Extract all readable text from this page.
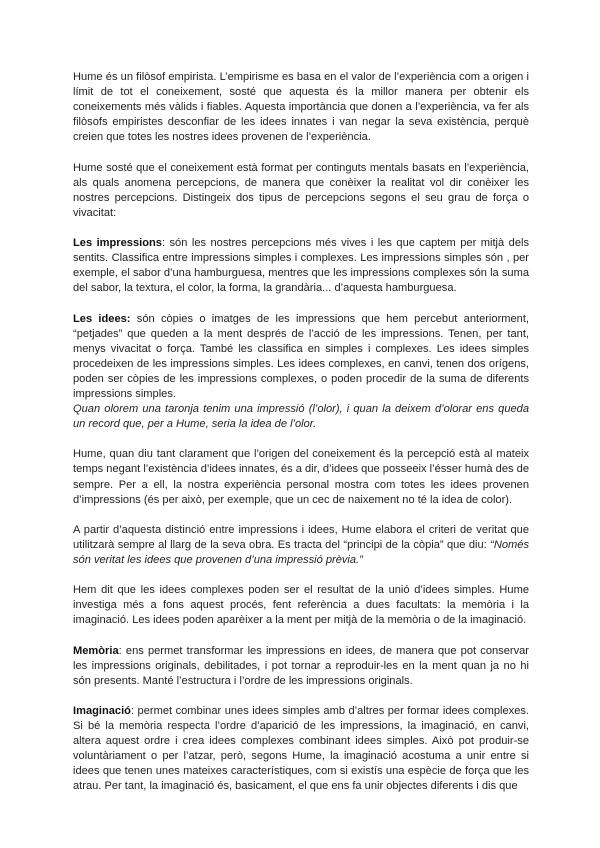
Hume és un filòsof empirista. L’empirisme es basa en el valor de l’experiència com a origen i límit de tot el coneixement, sosté que aquesta és la millor manera per obtenir els coneixements més vàlids i fiables. Aquesta importància que donen a l’experiència, va fer als filòsofs empiristes desconfiar de les idees innates i van negar la seva existència, perquè creien que totes les nostres idees provenen de l’experiència.

Hume sosté que el coneixement està format per continguts mentals basats en l’experiència, als quals anomena percepcions, de manera que conèixer la realitat vol dir conèixer les nostres percepcions. Distingeix dos tipus de percepcions segons el seu grau de força o vivacitat:

Les impressions: són les nostres percepcions més vives i les que captem per mitjà dels sentits. Classifica entre impressions simples i complexes. Les impressions simples són , per exemple, el sabor d’una hamburguesa, mentres que les impressions complexes són la suma del sabor, la textura, el color, la forma, la grandària... d’aquesta hamburguesa.

Les idees: són còpies o imatges de les impressions que hem percebut anteriorment, “petjades” que queden a la ment després de l’acció de les impressions. Tenen, per tant, menys vivacitat o força. També les classifica en simples i complexes. Les idees simples procedeixen de les impressions simples. Les idees complexes, en canvi, tenen dos orígens, poden ser còpies de les impressions complexes, o poden procedir de la suma de diferents impressions simples.
Quan olorem una taronja tenim una impressió (l’olor), i quan la deixem d’olorar ens queda un record que, per a Hume, seria la idea de l’olor.

Hume, quan diu tant clarament que l’origen del coneixement és la percepció està al mateix temps negant l’existència d’idees innates, és a dir, d’idees que posseeix l’ésser humà des de sempre. Per a ell, la nostra experiència personal mostra com totes les idees provenen d’impressions (és per això, per exemple, que un cec de naixement no té la idea de color).

A partir d’aquesta distinció entre impressions i idees, Hume elabora el criteri de veritat que utilitzarà sempre al llarg de la seva obra. Es tracta del “principi de la còpia” que diu: “Només són veritat les idees que provenen d’una impressió prèvia.”

Hem dit que les idees complexes poden ser el resultat de la unió d’idees simples. Hume investiga més a fons aquest procés, fent referència a dues facultats: la memòria i la imaginació. Les idees poden aparèixer a la ment per mitjà de la memòria o de la imaginació.

Memòria: ens permet transformar les impressions en idees, de manera que pot conservar les impressions originals, debilitades, i pot tornar a reproduir-les en la ment quan ja no hi són presents. Manté l’estructura i l’ordre de les impressions originals.

Imaginació: permet combinar unes idees simples amb d’altres per formar idees complexes. Si bé la memòria respecta l’ordre d’aparició de les impressions, la imaginació, en canvi, altera aquest ordre i crea idees complexes combinant idees simples. Això pot produir-se voluntàriament o per l’atzar, però, segons Hume, la imaginació acostuma a unir entre si idees que tenen unes mateixes característiques, com si existís una espècie de força que les atrau. Per tant, la imaginació és, basicament, el que ens fa unir objectes diferents i dis que
